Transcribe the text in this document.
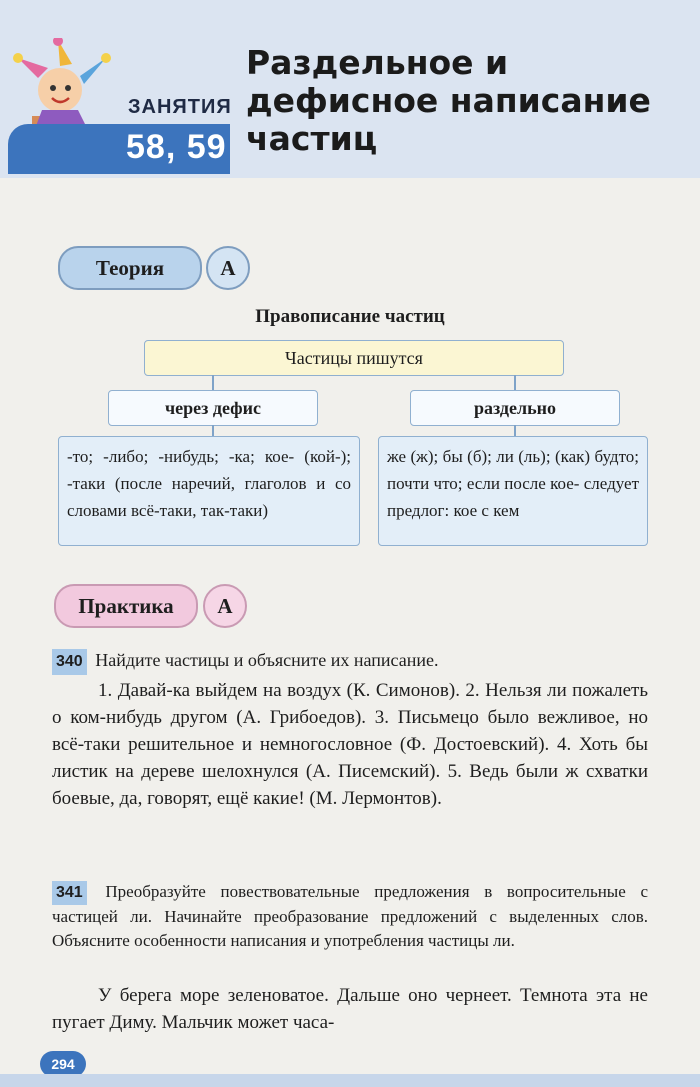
ЗАНЯТИЯ
58, 59
Раздельное и дефисное написание частиц
Теория	А
Правописание частиц
Частицы пишутся
через дефис	раздельно
-то; -либо; -нибудь; -ка; кое- (кой-); -таки (после наречий, глаголов и со словами всё-таки, так-таки)
же (ж); бы (б); ли (ль); (как) будто; почти что; если после кое- следует предлог: кое с кем
Практика	А
340 Найдите частицы и объясните их написание.
1. Давай-ка выйдем на воздух (К. Симонов). 2. Нельзя ли пожалеть о ком-нибудь другом (А. Грибоедов). 3. Письмецо было вежливое, но всё-таки решительное и немногословное (Ф. Достоевский). 4. Хоть бы листик на дереве шелохнулся (А. Писемский). 5. Ведь были ж схватки боевые, да, говорят, ещё какие! (М. Лермонтов).
341 Преобразуйте повествовательные предложения в вопросительные с частицей ли. Начинайте преобразование предложений с выделенных слов. Объясните особенности написания и употребления частицы ли.
У берега море зеленоватое. Дальше оно чернеет. Темнота эта не пугает Диму. Мальчик может часа-
294
